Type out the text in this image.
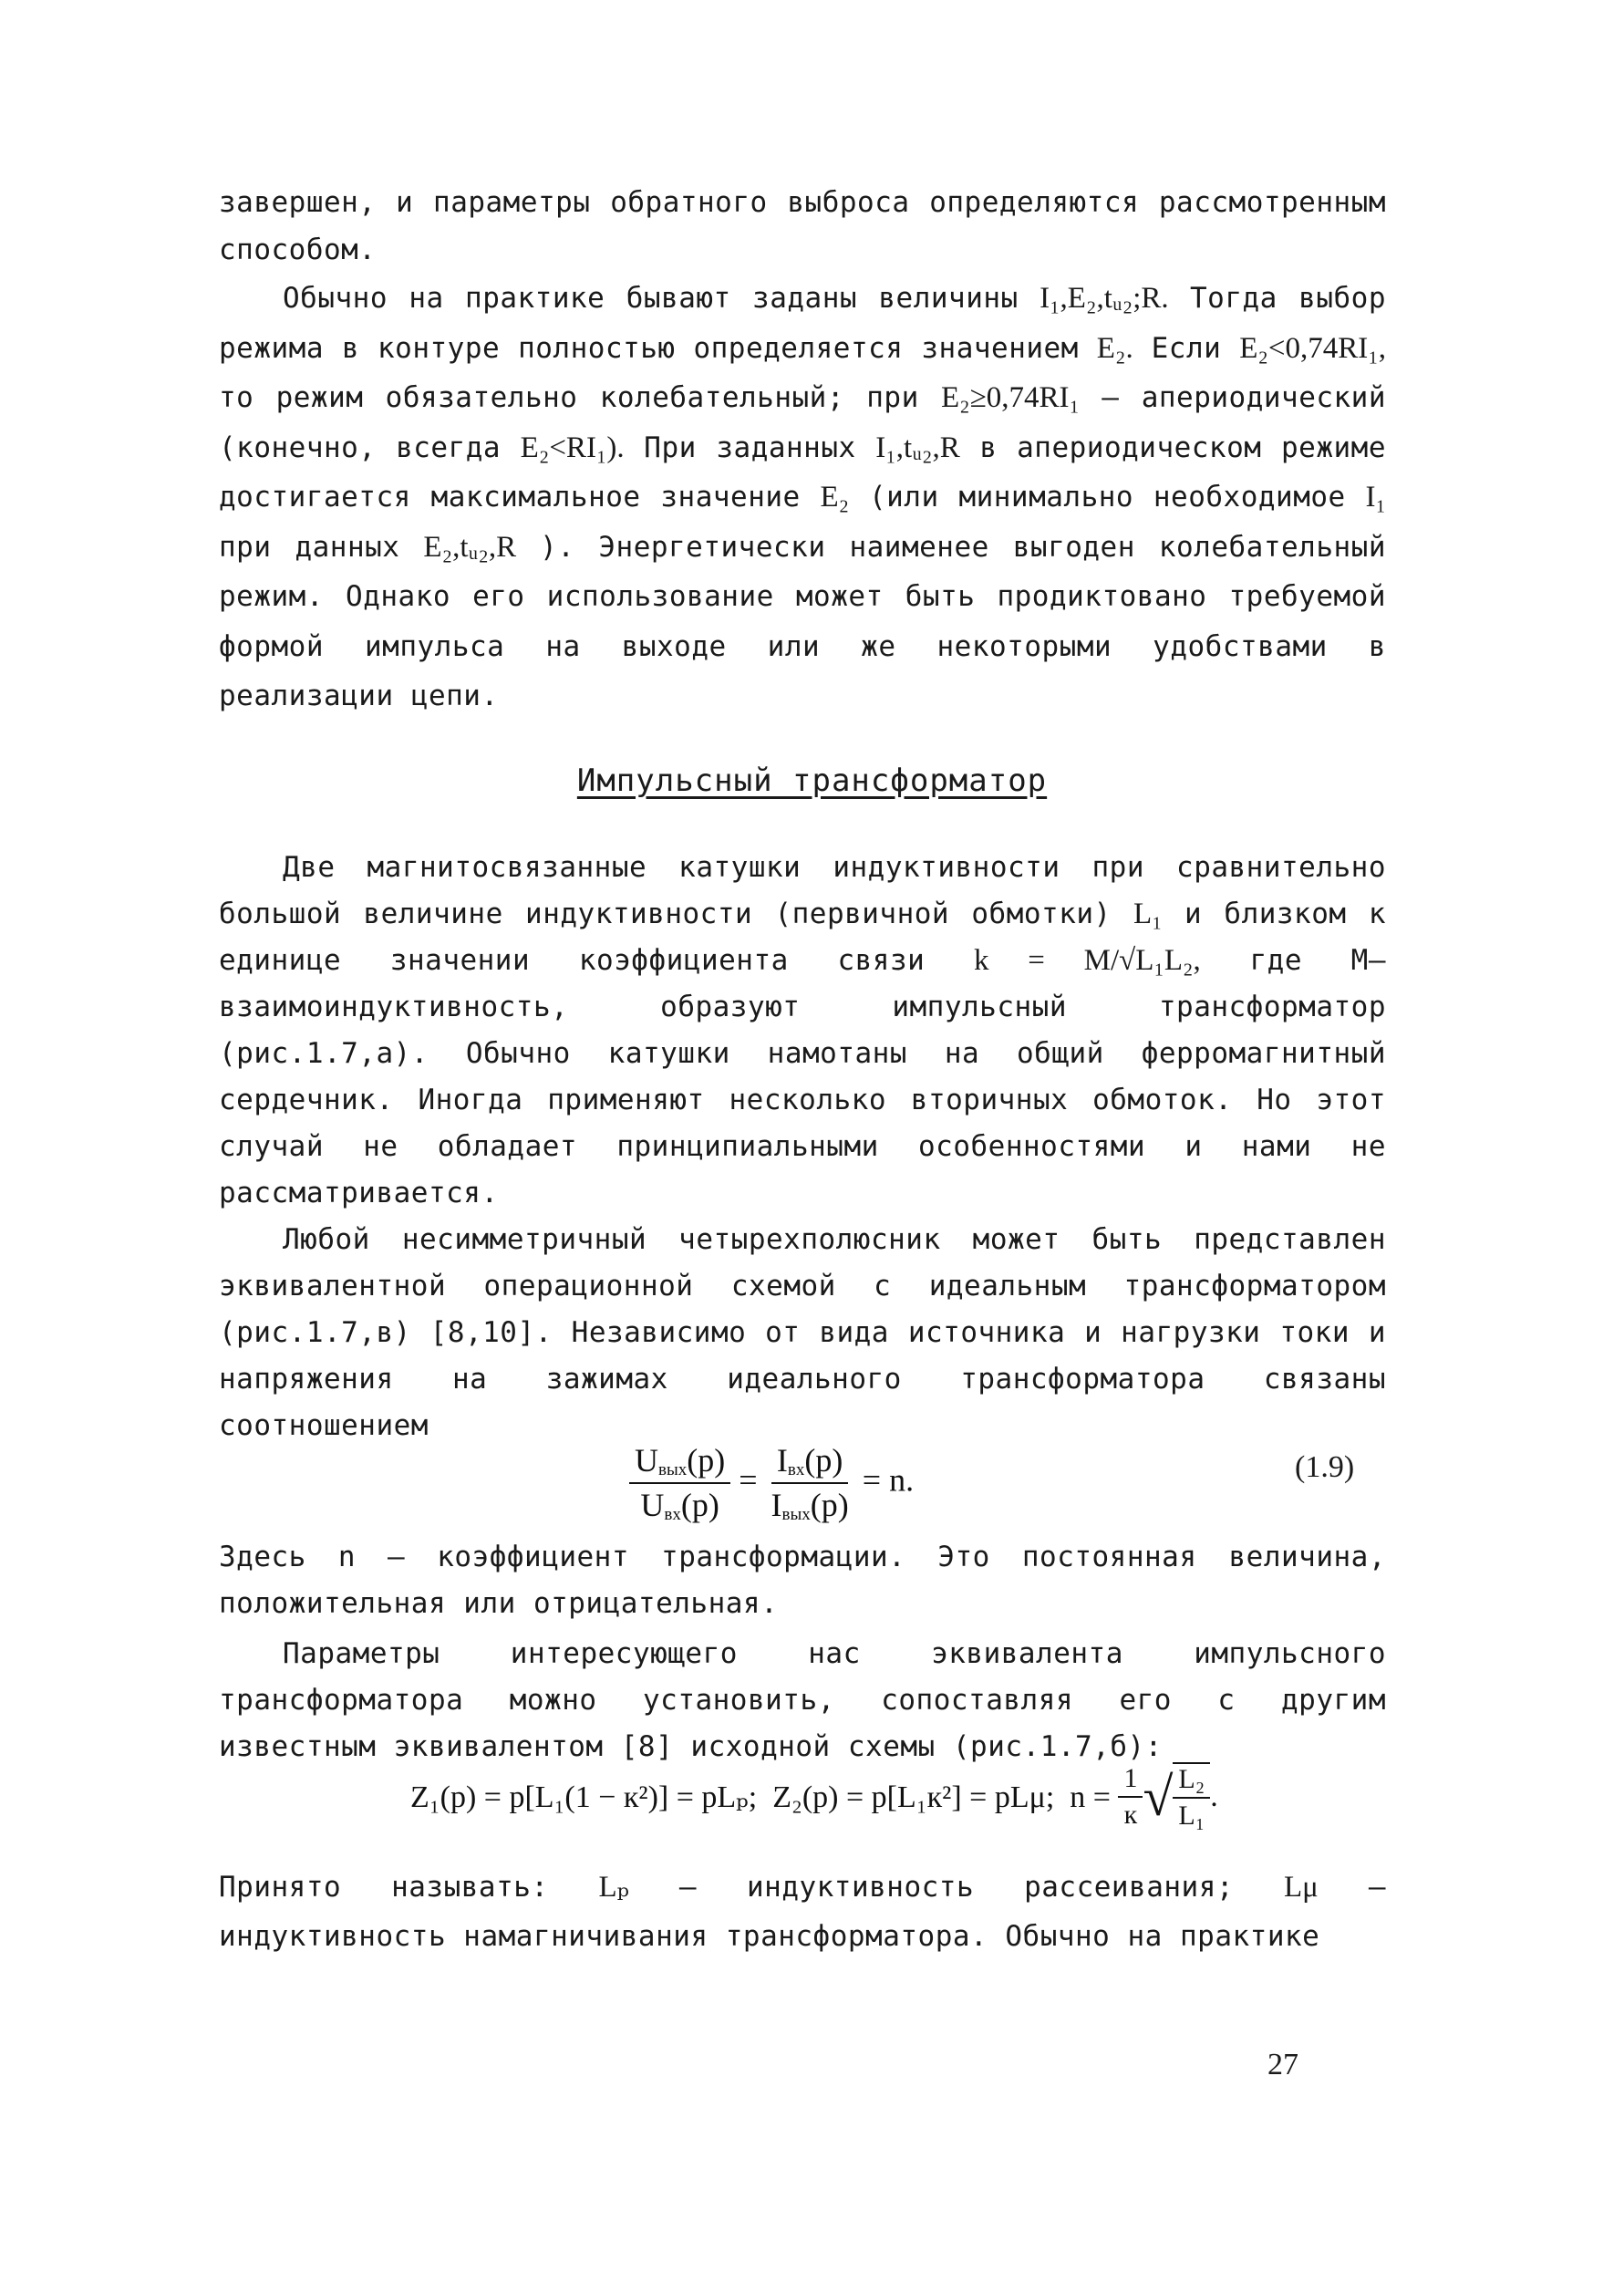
завершен, и параметры обратного выброса определяются рассмотренным способом.
Обычно на практике бывают заданы величины I₁,E₂,tᵤ₂;R. Тогда выбор режима в контуре полностью определяется значением E₂. Если E₂<0,74RI₁, то режим обязательно колебательный; при E₂≥0,74RI₁ – апериодический (конечно, всегда E₂<RI₁). При заданных I₁,tᵤ₂,R в апериодическом режиме достигается максимальное значение E₂ (или минимально необходимое I₁ при данных E₂,tᵤ₂,R ). Энергетически наименее выгоден колебательный режим. Однако его использование может быть продиктовано требуемой формой импульса на выходе или же некоторыми удобствами в реализации цепи.
Импульсный трансформатор
Две магнитосвязанные катушки индуктивности при сравнительно большой величине индуктивности (первичной обмотки) L₁ и близком к единице значении коэффициента связи k = M/√L₁L₂, где М–взаимоиндуктивность, образуют импульсный трансформатор (рис.1.7,а). Обычно катушки намотаны на общий ферромагнитный сердечник. Иногда применяют несколько вторичных обмоток. Но этот случай не обладает принципиальными особенностями и нами не рассматривается.
Любой несимметричный четырехполюсник может быть представлен эквивалентной операционной схемой с идеальным трансформатором (рис.1.7,в) [8,10]. Независимо от вида источника и нагрузки токи и напряжения на зажимах идеального трансформатора связаны соотношением
$\frac{U_{вых}(p)}{U_{вх}(p)} = \frac{I_{вх}(p)}{I_{вых}(p)} = n$.	(1.9)
Здесь n – коэффициент трансформации. Это постоянная величина, положительная или отрицательная.
Параметры интересующего нас эквивалента импульсного трансформатора можно установить, сопоставляя его с другим известным эквивалентом [8] исходной схемы (рис.1.7,б):
Z₁(p) = p[L₁(1 − к²)] = pLₚ;  Z₂(p) = p[L₁к²] = pLμ;  $n = \frac{1}{к}$ √ $\frac{\text{L₂}}{\text{L₁}}$ .
Принято называть: Lₚ – индуктивность рассеивания; Lμ – индуктивность намагничивания трансформатора. Обычно на практике
27
